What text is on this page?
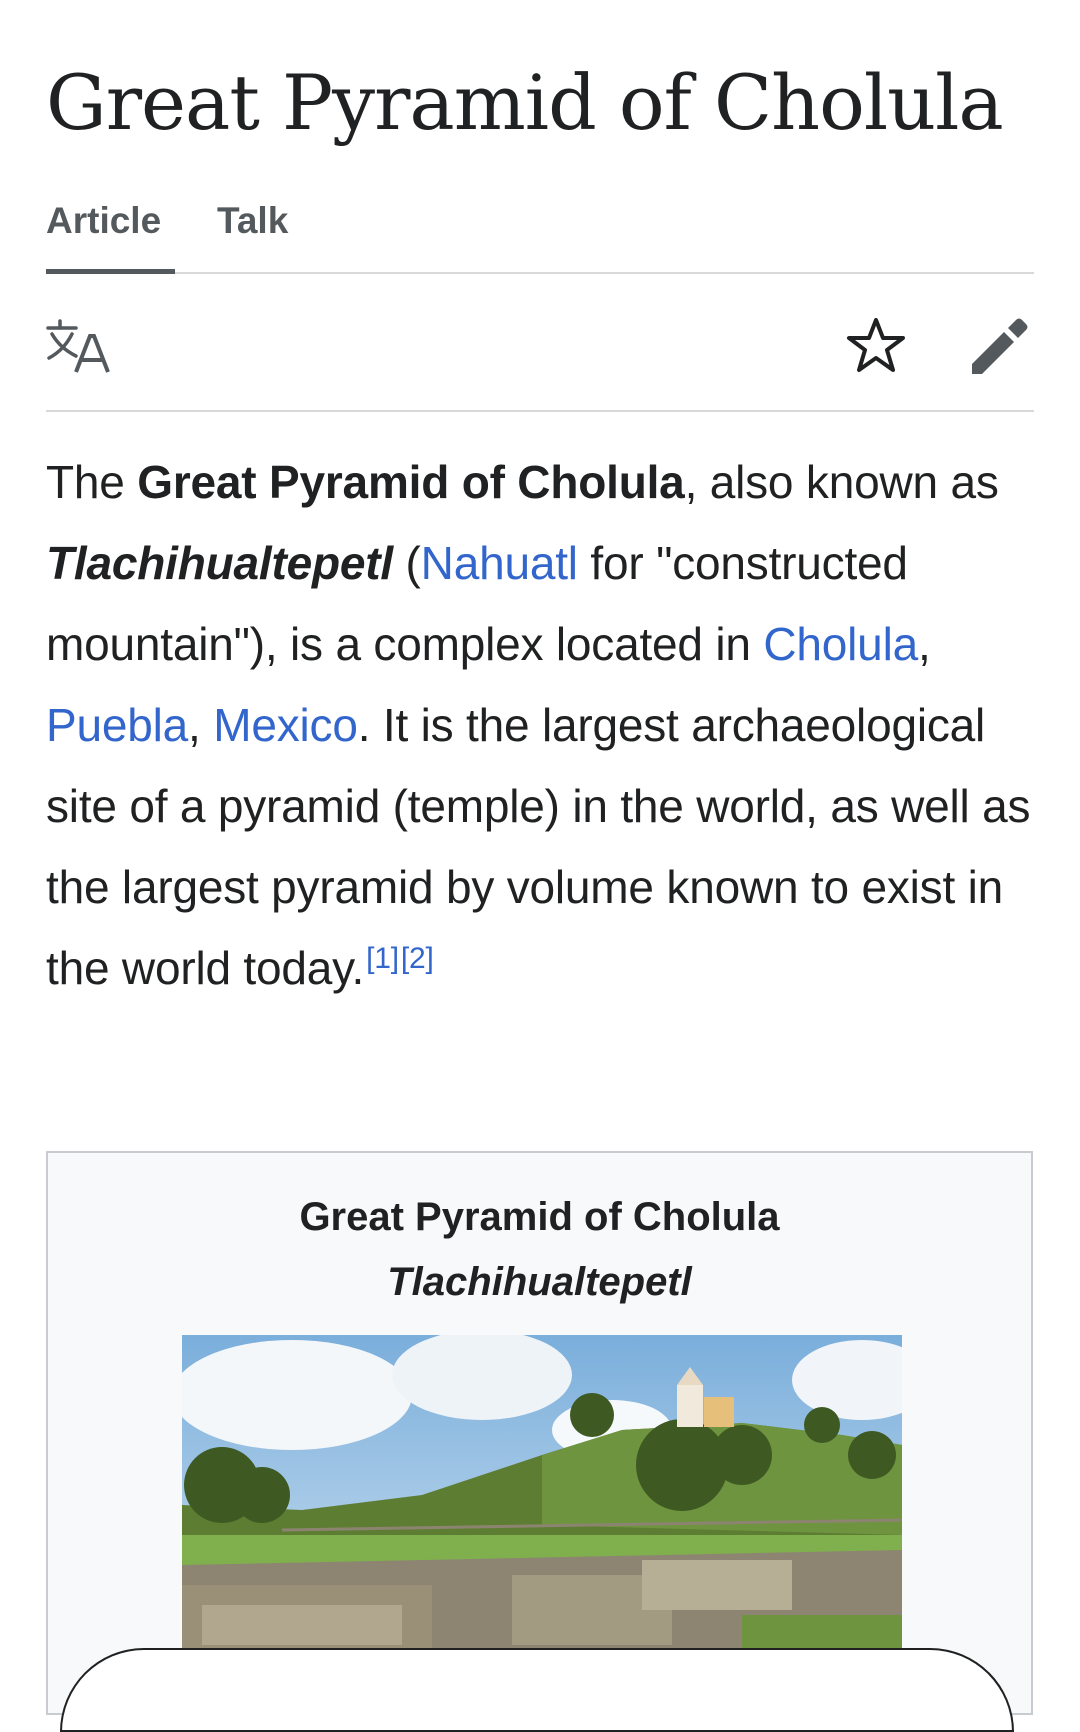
Great Pyramid of Cholula
Article Talk

The Great Pyramid of Cholula, also known as Tlachihualtepetl (Nahuatl for "constructed mountain"), is a complex located in Cholula, Puebla, Mexico. It is the largest archaeological site of a pyramid (temple) in the world, as well as the largest pyramid by volume known to exist in the world today.[1][2]

Great Pyramid of Cholula
Tlachihualtepetl
